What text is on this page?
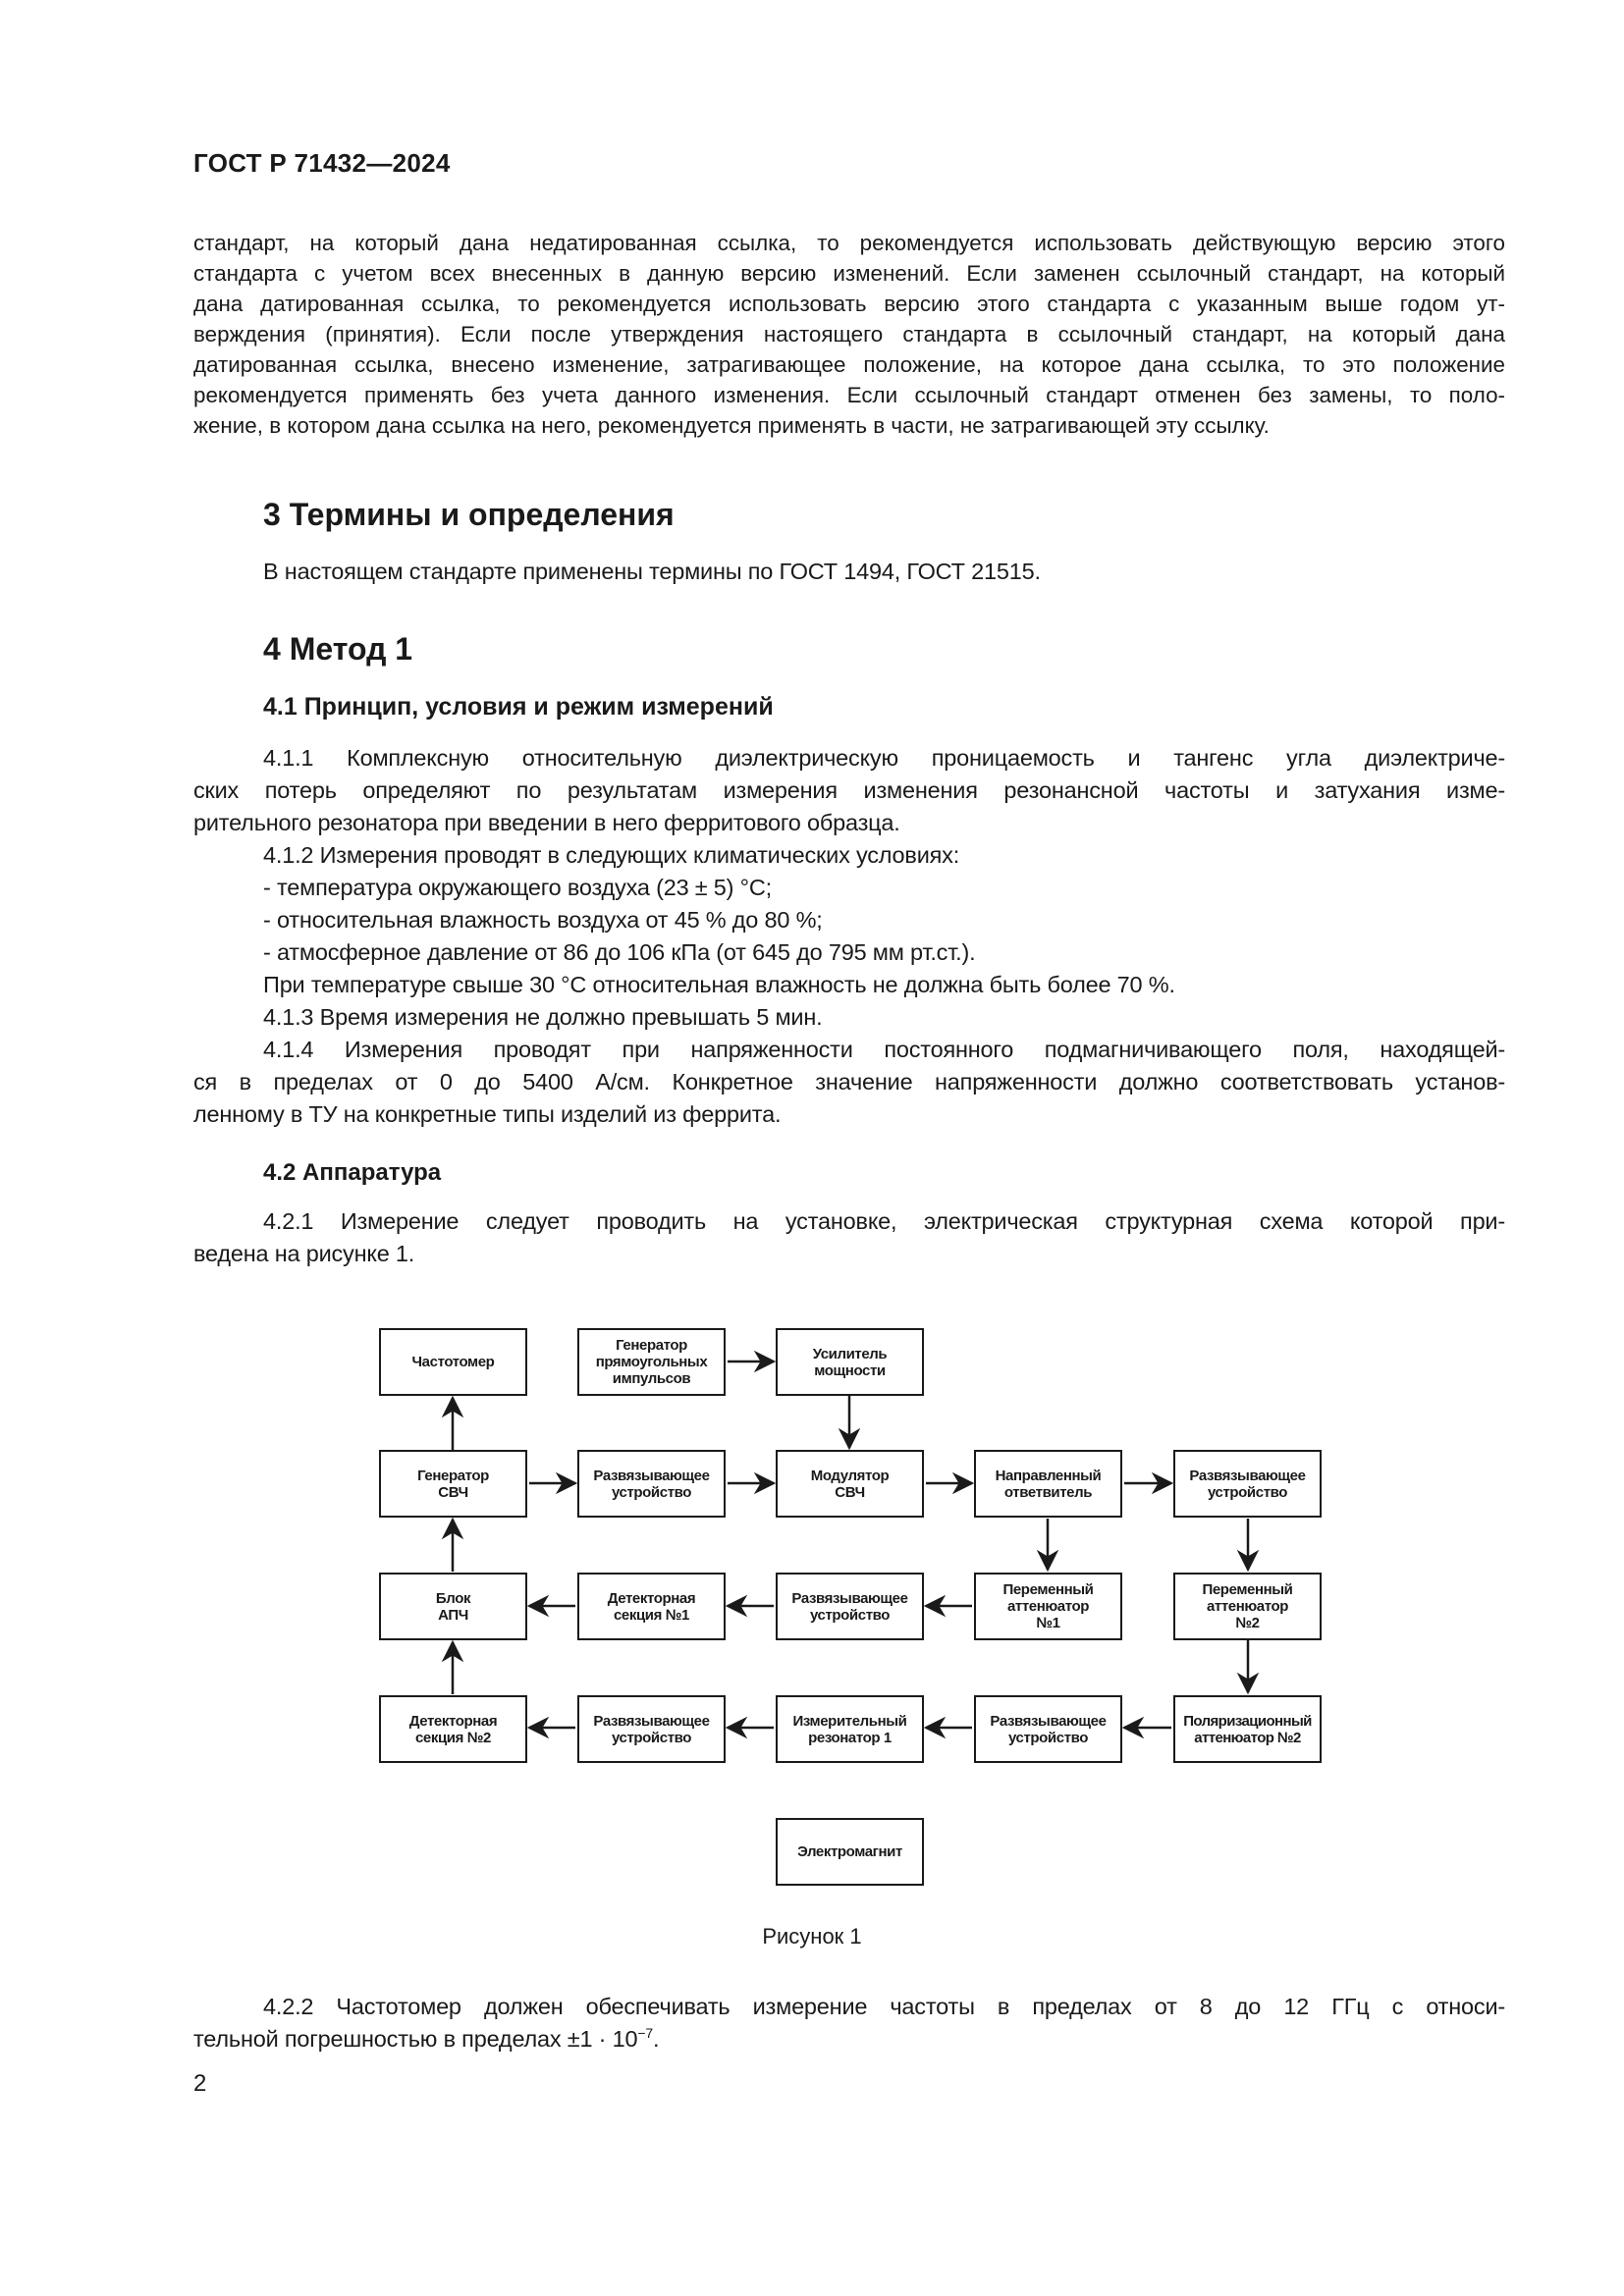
ГОСТ Р 71432—2024
стандарт, на который дана недатированная ссылка, то рекомендуется использовать действующую версию этого
стандарта с учетом всех внесенных в данную версию изменений. Если заменен ссылочный стандарт, на который
дана датированная ссылка, то рекомендуется использовать версию этого стандарта с указанным выше годом ут-
верждения (принятия). Если после утверждения настоящего стандарта в ссылочный стандарт, на который дана
датированная ссылка, внесено изменение, затрагивающее положение, на которое дана ссылка, то это положение
рекомендуется применять без учета данного изменения. Если ссылочный стандарт отменен без замены, то поло-
жение, в котором дана ссылка на него, рекомендуется применять в части, не затрагивающей эту ссылку.
3 Термины и определения
В настоящем стандарте применены термины по ГОСТ 1494, ГОСТ 21515.
4 Метод 1
4.1 Принцип, условия и режим измерений
4.1.1 Комплексную относительную диэлектрическую проницаемость и тангенс угла диэлектриче-
ских потерь определяют по результатам измерения изменения резонансной частоты и затухания изме-
рительного резонатора при введении в него ферритового образца.
4.1.2 Измерения проводят в следующих климатических условиях:
- температура окружающего воздуха (23 ± 5) °С;
- относительная влажность воздуха от 45 % до 80 %;
- атмосферное давление от 86 до 106 кПа (от 645 до 795 мм рт.ст.).
При температуре свыше 30 °С относительная влажность не должна быть более 70 %.
4.1.3 Время измерения не должно превышать 5 мин.
4.1.4 Измерения проводят при напряженности постоянного подмагничивающего поля, находящей-
ся в пределах от 0 до 5400 А/см. Конкретное значение напряженности должно соответствовать установ-
ленному в ТУ на конкретные типы изделий из феррита.
4.2 Аппаратура
4.2.1 Измерение следует проводить на установке, электрическая структурная схема которой при-
ведена на рисунке 1.
Частотомер
Генератор
прямоугольных
импульсов
Усилитель
мощности
Генератор
СВЧ
Развязывающее
устройство
Модулятор
СВЧ
Направленный
ответвитель
Развязывающее
устройство
Блок
АПЧ
Детекторная
секция №1
Развязывающее
устройство
Переменный
аттенюатор
№1
Переменный
аттенюатор
№2
Детекторная
секция №2
Развязывающее
устройство
Измерительный
резонатор 1
Развязывающее
устройство
Поляризационный
аттенюатор №2
Электромагнит
Рисунок 1
4.2.2 Частотомер должен обеспечивать измерение частоты в пределах от 8 до 12 ГГц с относи-
тельной погрешностью в пределах $\pm 1 \cdot 10^{-7}$.
2
